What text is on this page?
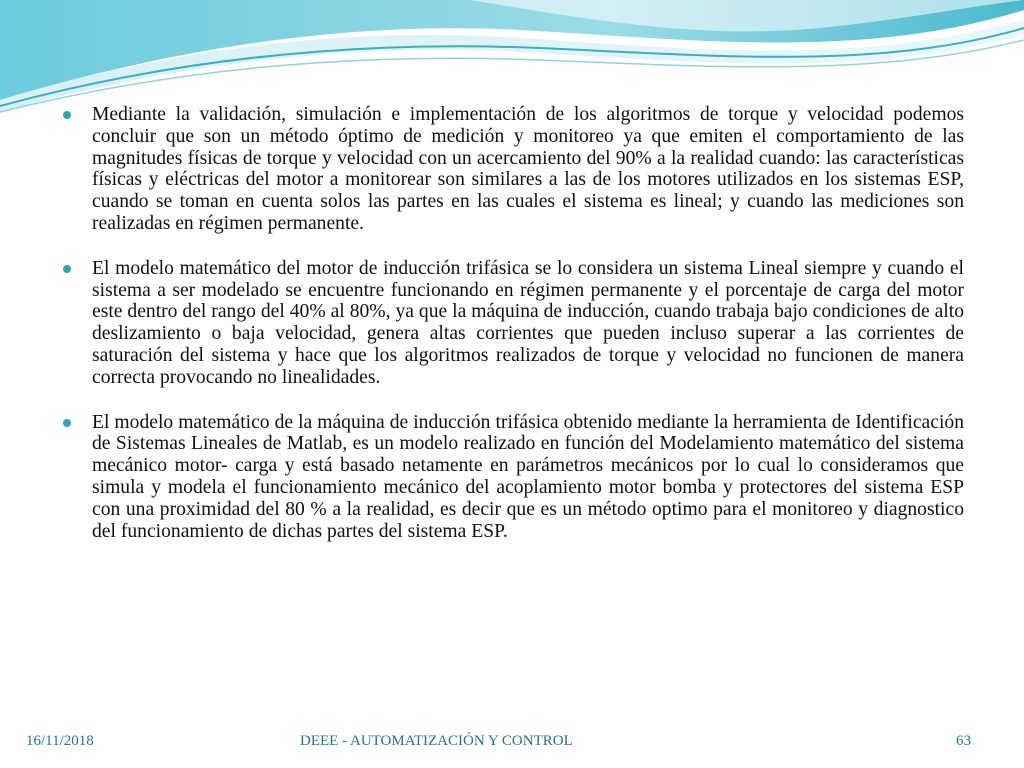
Mediante la validación, simulación e implementación de los algoritmos de torque y velocidad podemos concluir que son un método óptimo de medición y monitoreo ya que emiten el comportamiento de las magnitudes físicas de torque y velocidad con un acercamiento del 90% a la realidad cuando: las características físicas y eléctricas del motor a monitorear son similares a las de los motores utilizados en los sistemas ESP, cuando se toman en cuenta solos las partes en las cuales el sistema es lineal; y cuando las mediciones son realizadas en régimen permanente.

El modelo matemático del motor de inducción trifásica se lo considera un sistema Lineal siempre y cuando el sistema a ser modelado se encuentre funcionando en régimen permanente y el porcentaje de carga del motor este dentro del rango del 40% al 80%, ya que la máquina de inducción, cuando trabaja bajo condiciones de alto deslizamiento o baja velocidad, genera altas corrientes que pueden incluso superar a las corrientes de saturación del sistema y hace que los algoritmos realizados de torque y velocidad no funcionen de manera correcta provocando no linealidades.

El modelo matemático de la máquina de inducción trifásica obtenido mediante la herramienta de Identificación de Sistemas Lineales de Matlab, es un modelo realizado en función del Modelamiento matemático del sistema mecánico motor- carga y está basado netamente en parámetros mecánicos por lo cual lo consideramos que simula y modela el funcionamiento mecánico del acoplamiento motor bomba y protectores del sistema ESP con una proximidad del 80 % a la realidad, es decir que es un método optimo para el monitoreo y diagnostico del funcionamiento de dichas partes del sistema ESP.

16/11/2018	DEEE - AUTOMATIZACIÓN Y CONTROL	63
